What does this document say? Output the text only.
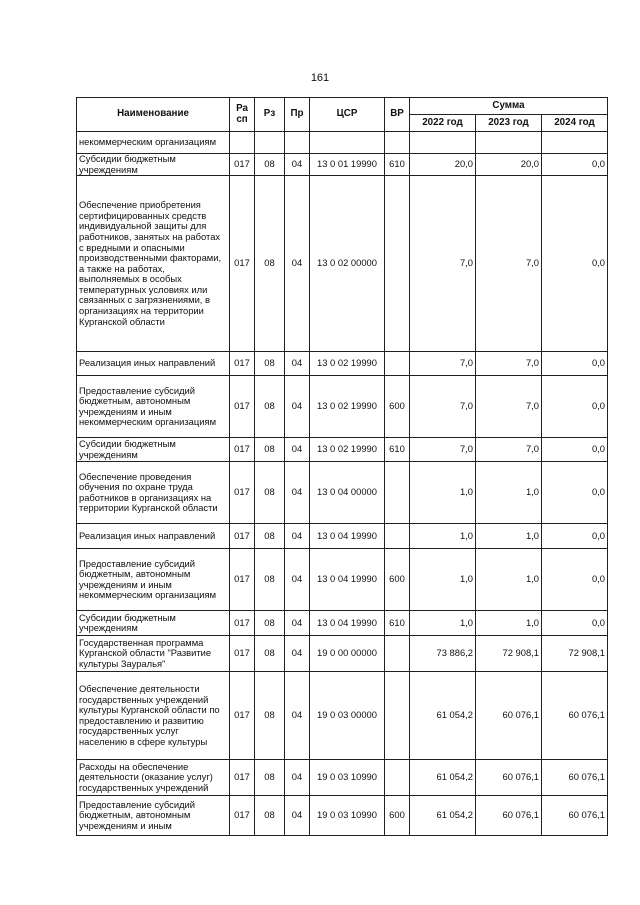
161
Наименование	Ра сп	Рз	Пр	ЦСР	ВР	Сумма		
						2022 год	2023 год	2024 год
некоммерческим организациям								
Субсидии бюджетным учреждениям	017	08	04	13 0 01 19990	610	20,0	20,0	0,0
Обеспечение приобретения сертифицированных средств индивидуальной защиты для работников, занятых на работах с вредными и опасными производственными факторами, а также на работах, выполняемых в особых температурных условиях или связанных с загрязнениями, в организациях на территории Курганской области	017	08	04	13 0 02 00000		7,0	7,0	0,0
Реализация иных направлений	017	08	04	13 0 02 19990		7,0	7,0	0,0
Предоставление субсидий бюджетным, автономным учреждениям и иным некоммерческим организациям	017	08	04	13 0 02 19990	600	7,0	7,0	0,0
Субсидии бюджетным учреждениям	017	08	04	13 0 02 19990	610	7,0	7,0	0,0
Обеспечение проведения обучения по охране труда работников в организациях на территории Курганской области	017	08	04	13 0 04 00000		1,0	1,0	0,0
Реализация иных направлений	017	08	04	13 0 04 19990		1,0	1,0	0,0
Предоставление субсидий бюджетным, автономным учреждениям и иным некоммерческим организациям	017	08	04	13 0 04 19990	600	1,0	1,0	0,0
Субсидии бюджетным учреждениям	017	08	04	13 0 04 19990	610	1,0	1,0	0,0
Государственная программа Курганской области "Развитие культуры Зауралья"	017	08	04	19 0 00 00000		73 886,2	72 908,1	72 908,1
Обеспечение деятельности государственных учреждений культуры Курганской области по предоставлению и развитию государственных услуг населению в сфере культуры	017	08	04	19 0 03 00000		61 054,2	60 076,1	60 076,1
Расходы на обеспечение деятельности (оказание услуг) государственных учреждений	017	08	04	19 0 03 10990		61 054,2	60 076,1	60 076,1
Предоставление субсидий бюджетным, автономным учреждениям и иным	017	08	04	19 0 03 10990	600	61 054,2	60 076,1	60 076,1
